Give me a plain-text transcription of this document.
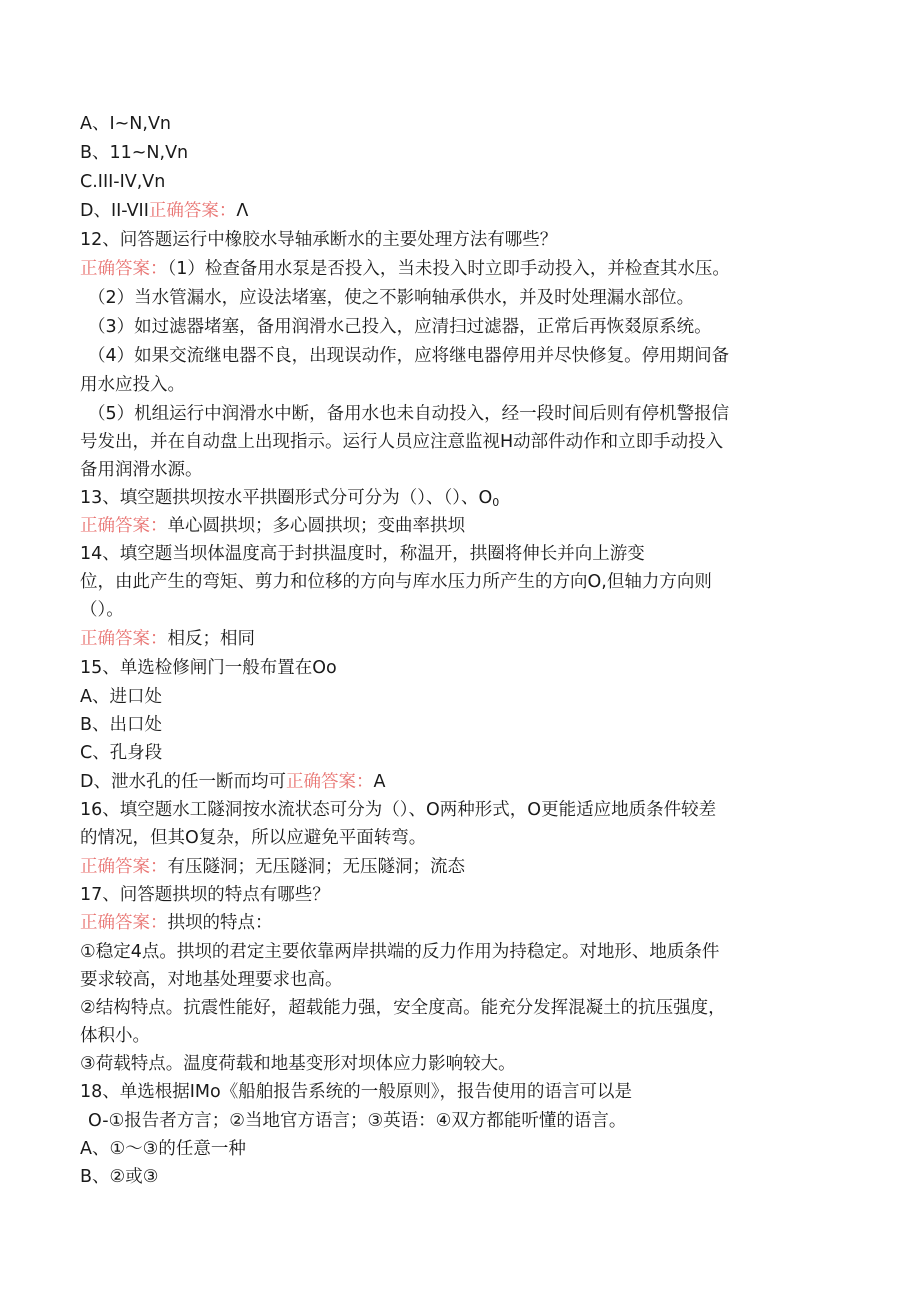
A、I~N,Vn
B、11~N,Vn
C.III-IV,Vn
D、II-VII正确答案：Λ
12、问答题运行中橡胶水导轴承断水的主要处理方法有哪些？
正确答案：（1）检查备用水泵是否投入，当未投入时立即手动投入，并检查其水压。
（2）当水管漏水，应设法堵塞，使之不影响轴承供水，并及时处理漏水部位。
（3）如过滤器堵塞，备用润滑水己投入，应清扫过滤器，正常后再恢叕原系统。
（4）如果交流继电器不良，出现误动作，应将继电器停用并尽快修复。停用期间备
用水应投入。
（5）机组运行中润滑水中断，备用水也未自动投入，经一段时间后则有停机警报信
号发出，并在自动盘上出现指示。运行人员应注意监视H动部件动作和立即手动投入
备用润滑水源。
13、填空题拱坝按水平拱圈形式分可分为（）、（）、$O_0$
正确答案：单心圆拱坝；多心圆拱坝；变曲率拱坝
14、填空题当坝体温度高于封拱温度时，称温开，拱圈将伸长并向上游变
位，由此产生的弯矩、剪力和位移的方向与库水压力所产生的方向O,但轴力方向则
（）。
正确答案：相反；相同
15、单选检修闸门一般布置在Oo
A、进口处
B、出口处
C、孔身段
D、泄水孔的任一断而均可正确答案：A
16、填空题水工隧洞按水流状态可分为（）、O两种形式，O更能适应地质条件较差
的情况，但其O复杂，所以应避免平面转弯。
正确答案：有压隧洞；无压隧洞；无压隧洞；流态
17、问答题拱坝的特点有哪些？
正确答案：拱坝的特点：
①稳定4点。拱坝的君定主要依靠两岸拱端的反力作用为持稳定。对地形、地质条件
要求较高，对地基处理要求也高。
②结构特点。抗震性能好，超载能力强，安全度高。能充分发挥混凝土的抗压强度，
体积小。
③荷载特点。温度荷载和地基变形对坝体应力影响较大。
18、单选根据IMo《船舶报告系统的一般原则》，报告使用的语言可以是
O-①报告者方言；②当地官方语言；③英语：④双方都能听懂的语言。
A、①～③的任意一种
B、②或③
